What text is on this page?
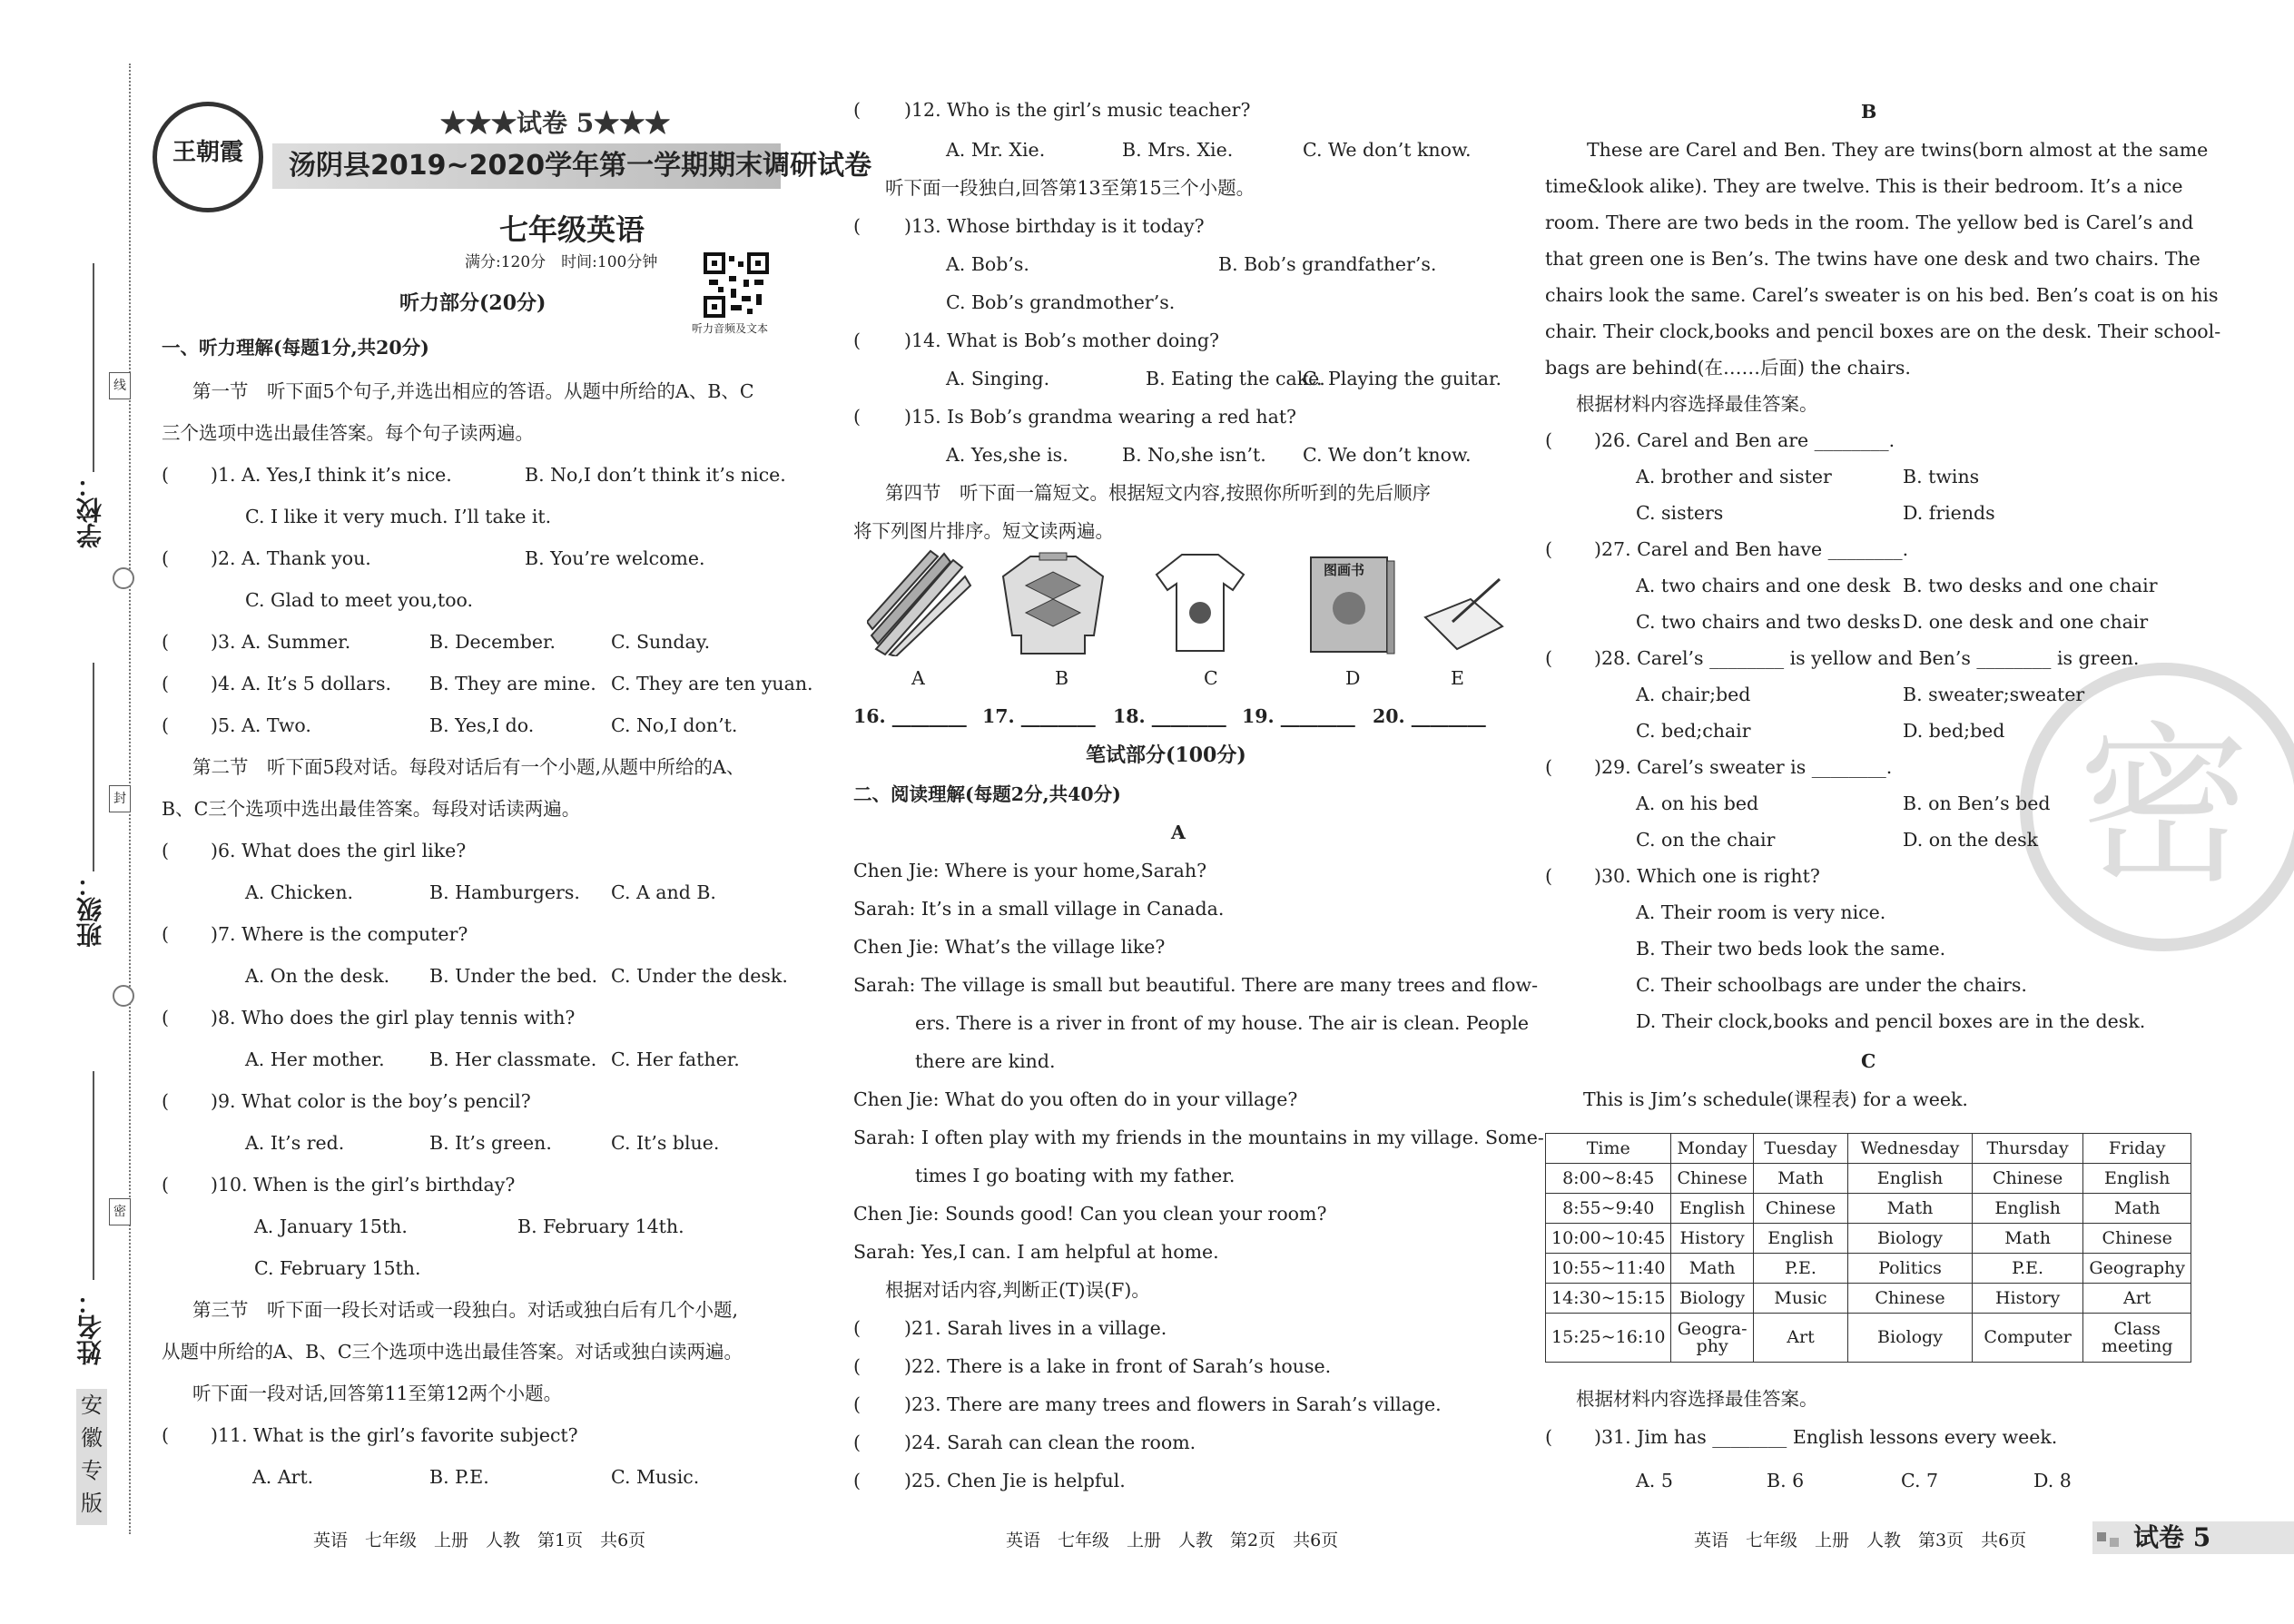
学校：
班级：
姓名：
线
封
密
安徽专版
王朝霞
★★★试卷 5★★★
汤阴县2019~2020学年第一学期期末调研试卷
七年级英语
满分:120分　时间:100分钟
听力音频及文本
听力部分(20分)
一、听力理解(每题1分,共20分)
第一节　听下面5个句子,并选出相应的答语。从题中所给的A、B、C
三个选项中选出最佳答案。每个句子读两遍。
( ) 1. A. Yes,I think it’s nice.	B. No,I don’t think it’s nice.
C. I like it very much. I’ll take it.
( ) 2. A. Thank you.	B. You’re welcome.
C. Glad to meet you,too.
( ) 3. A. Summer.	B. December.	C. Sunday.
( ) 4. A. It’s 5 dollars. B. They are mine. C. They are ten yuan.
( ) 5. A. Two.	B. Yes,I do.	C. No,I don’t.
第二节　听下面5段对话。每段对话后有一个小题,从题中所给的A、
B、C三个选项中选出最佳答案。每段对话读两遍。
( ) 6. What does the girl like?
A. Chicken.	B. Hamburgers. C. A and B.
( ) 7. Where is the computer?
A. On the desk. B. Under the bed. C. Under the desk.
( ) 8. Who does the girl play tennis with?
A. Her mother. B. Her classmate. C. Her father.
( ) 9. What color is the boy’s pencil?
A. It’s red.	B. It’s green.	C. It’s blue.
( ) 10. When is the girl’s birthday?
A. January 15th.	B. February 14th.
C. February 15th.
第三节　听下面一段长对话或一段独白。对话或独白后有几个小题,
从题中所给的A、B、C三个选项中选出最佳答案。对话或独白读两遍。
听下面一段对话,回答第11至第12两个小题。
( ) 11. What is the girl’s favorite subject?
A. Art.	B. P.E.	C. Music.
英语　七年级　上册　人教　第1页　共6页
( ) 12. Who is the girl’s music teacher?
A. Mr. Xie.	B. Mrs. Xie.	C. We don’t know.
听下面一段独白,回答第13至第15三个小题。
( ) 13. Whose birthday is it today?
A. Bob’s.	B. Bob’s grandfather’s.
C. Bob’s grandmother’s.
( ) 14. What is Bob’s mother doing?
A. Singing.	B. Eating the cake.
C. Playing the guitar.
( ) 15. Is Bob’s grandma wearing a red hat?
A. Yes,she is.	B. No,she isn’t. C. We don’t know.
第四节　听下面一篇短文。根据短文内容,按照你所听到的先后顺序
将下列图片排序。短文读两遍。
图画书
A	B	C	D	E
16. ________ 17. ________ 18. ________ 19. ________ 20. ________
笔试部分(100分)
二、阅读理解(每题2分,共40分)
A
Chen Jie: Where is your home,Sarah?
Sarah: It’s in a small village in Canada.
Chen Jie: What’s the village like?
Sarah: The village is small but beautiful. There are many trees and flow-
ers. There is a river in front of my house. The air is clean. People
there are kind.
Chen Jie: What do you often do in your village?
Sarah: I often play with my friends in the mountains in my village. Some-
times I go boating with my father.
Chen Jie: Sounds good! Can you clean your room?
Sarah: Yes,I can. I am helpful at home.
根据对话内容,判断正(T)误(F)。
( ) 21. Sarah lives in a village.
( ) 22. There is a lake in front of Sarah’s house.
( ) 23. There are many trees and flowers in Sarah’s village.
( ) 24. Sarah can clean the room.
( ) 25. Chen Jie is helpful.
英语　七年级　上册　人教　第2页　共6页
密
B
These are Carel and Ben. They are twins(born almost at the same
time&look alike). They are twelve. This is their bedroom. It’s a nice
room. There are two beds in the room. The yellow bed is Carel’s and
that green one is Ben’s. The twins have one desk and two chairs. The
chairs look the same. Carel’s sweater is on his bed. Ben’s coat is on his
chair. Their clock,books and pencil boxes are on the desk. Their school-
bags are behind(在……后面) the chairs.
根据材料内容选择最佳答案。
( ) 26. Carel and Ben are ________.
A. brother and sister	B. twins
C. sisters	D. friends
( ) 27. Carel and Ben have ________.
A. two chairs and one desk B. two desks and one chair
C. two chairs and two desks D. one desk and one chair
( ) 28. Carel’s ________ is yellow and Ben’s ________ is green.
A. chair;bed	B. sweater;sweater
C. bed;chair	D. bed;bed
( ) 29. Carel’s sweater is ________.
A. on his bed	B. on Ben’s bed
C. on the chair	D. on the desk
( ) 30. Which one is right?
A. Their room is very nice.
B. Their two beds look the same.
C. Their schoolbags are under the chairs.
D. Their clock,books and pencil boxes are in the desk.
C
This is Jim’s schedule(课程表) for a week.
Time	Monday	Tuesday	Wednesday	Thursday	Friday
8:00~8:45	Chinese	Math	English	Chinese	English
8:55~9:40	English	Chinese	Math	English	Math
10:00~10:45	History	English	Biology	Math	Chinese
10:55~11:40	Math	P.E.	Politics	P.E.	Geography
14:30~15:15	Biology	Music	Chinese	History	Art
15:25~16:10	Geogra-phy	Art	Biology	Computer	Class meeting
根据材料内容选择最佳答案。
( ) 31. Jim has ________ English lessons every week.
A. 5	B. 6	C. 7	D. 8
英语　七年级　上册　人教　第3页　共6页	试卷 5
